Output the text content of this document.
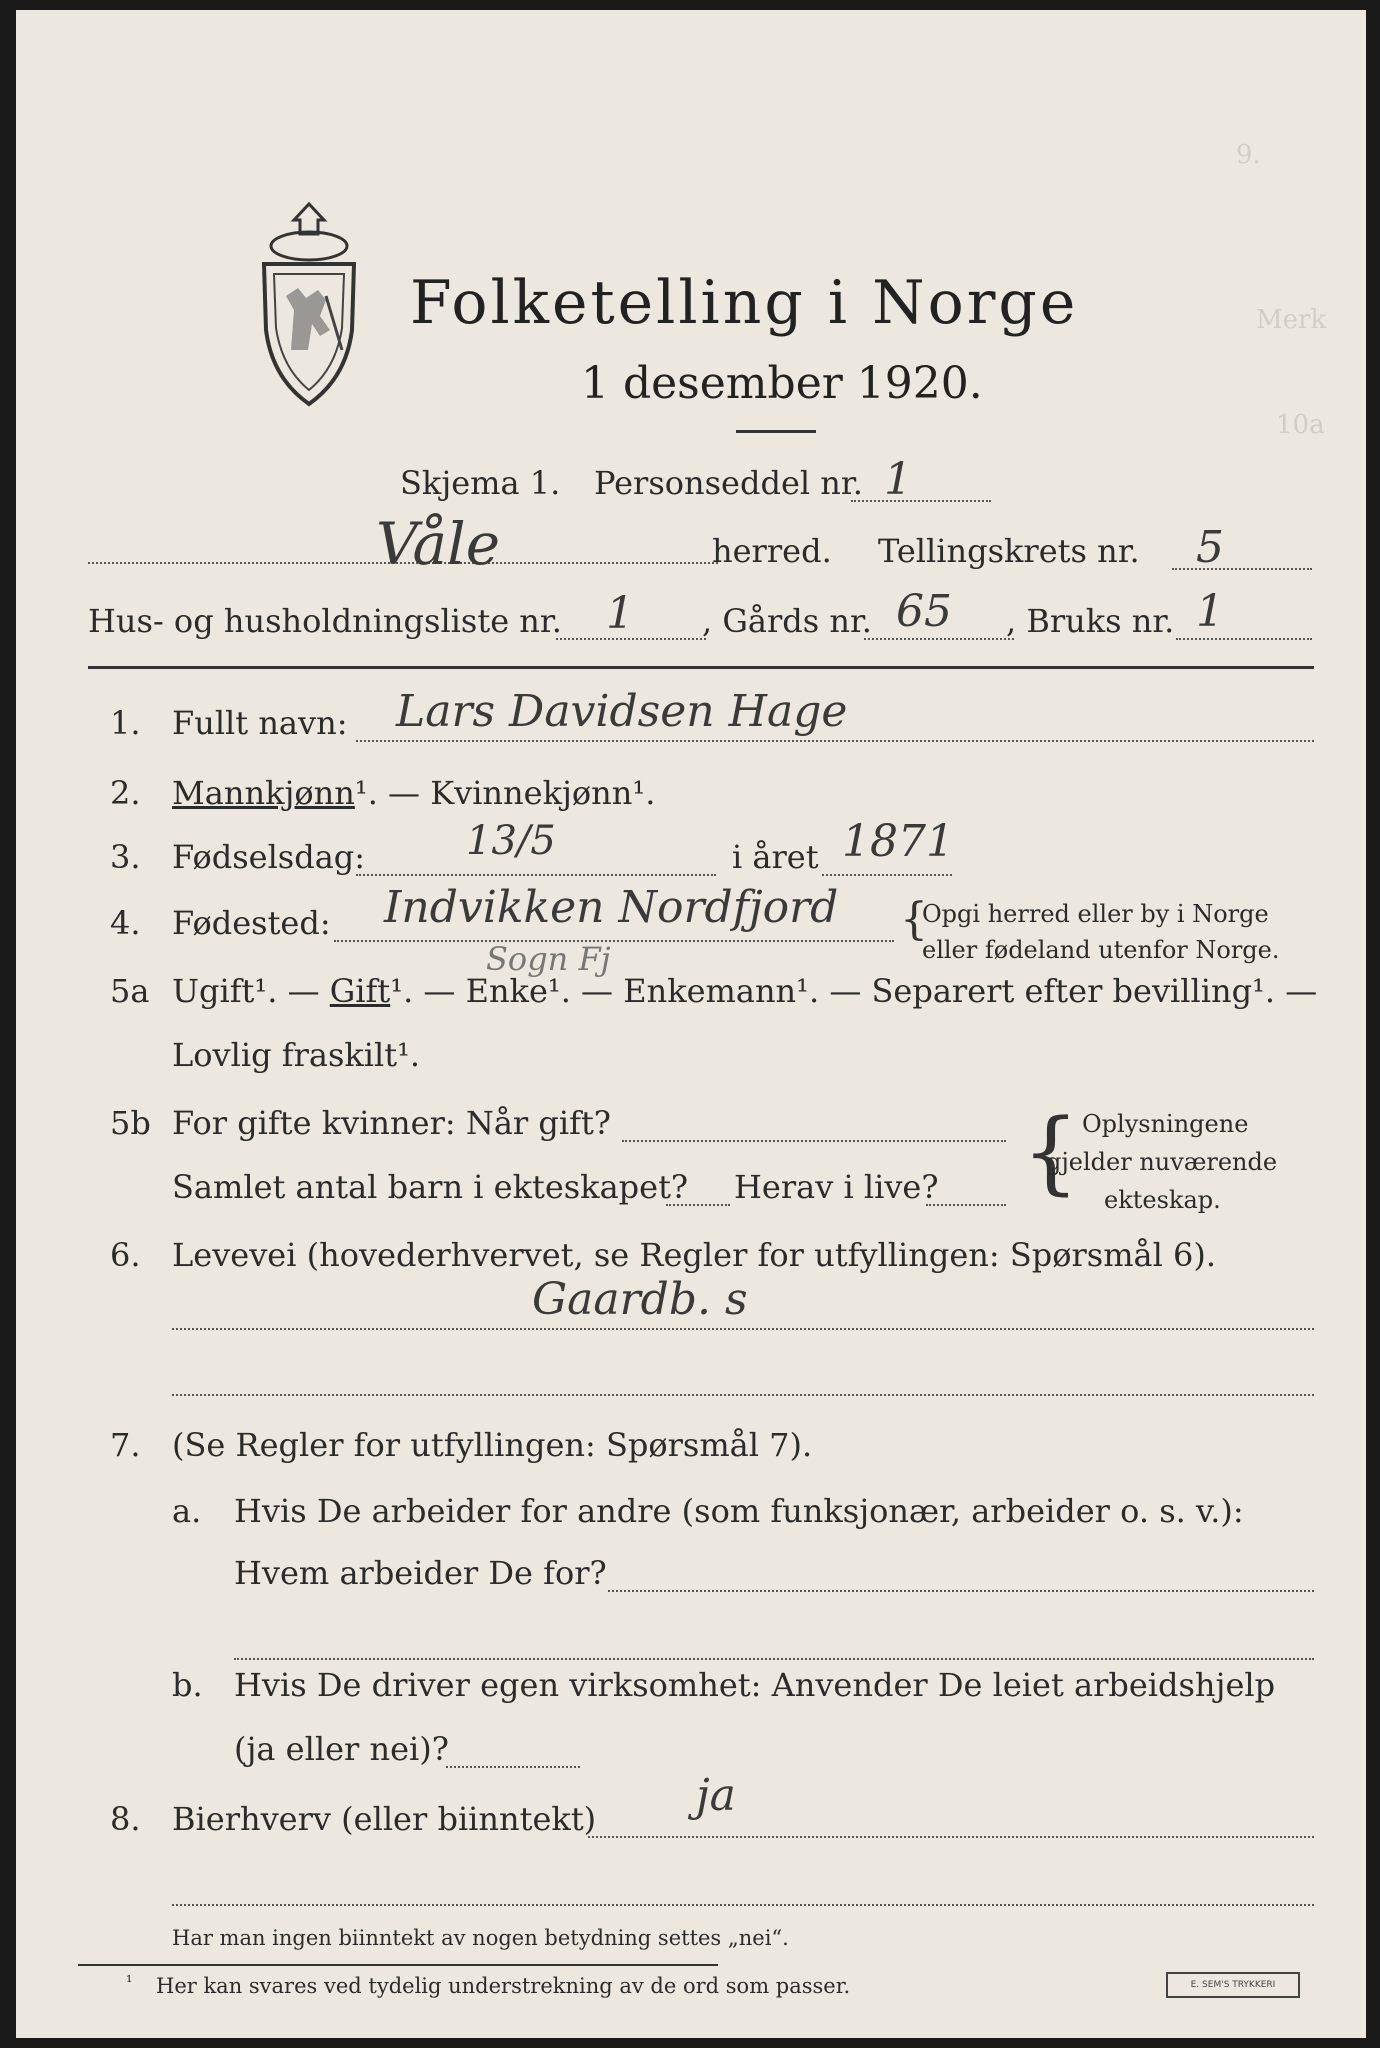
9.
Merk
10a
Folketelling i Norge
1 desember 1920.
Skjema 1. Personseddel nr. 1
Våle	herred. Tellingskrets nr. 5
Hus- og husholdningsliste nr. 1 , Gårds nr. 65 , Bruks nr. 1
1. Fullt navn: Lars Davidsen Hage
2. Mannkjønn¹. — Kvinnekjønn¹.
3. Fødselsdag:	13/5	i året 1871
4. Fødested: Indvikken Nordfjord {
Opgi herred eller by i Norge
eller fødeland utenfor Norge.
Sogn Fj
5a Ugift¹. — Gift¹. — Enke¹. — Enkemann¹. — Separert efter bevilling¹. —
Lovlig fraskilt¹.
5b For gifte kvinner: Når gift?
Samlet antal barn i ekteskapet? Herav i live? { Oplysningene
gjelder nuværende
ekteskap.
6. Levevei (hovederhvervet, se Regler for utfyllingen: Spørsmål 6).
Gaardb. s
7. (Se Regler for utfyllingen: Spørsmål 7).
a. Hvis De arbeider for andre (som funksjonær, arbeider o. s. v.):
Hvem arbeider De for?
b. Hvis De driver egen virksomhet: Anvender De leiet arbeidshjelp
(ja eller nei)?
8. Bierhverv (eller biinntekt) ja
Har man ingen biinntekt av nogen betydning settes „nei“.
¹ Her kan svares ved tydelig understrekning av de ord som passer.	E. SEM'S TRYKKERI
